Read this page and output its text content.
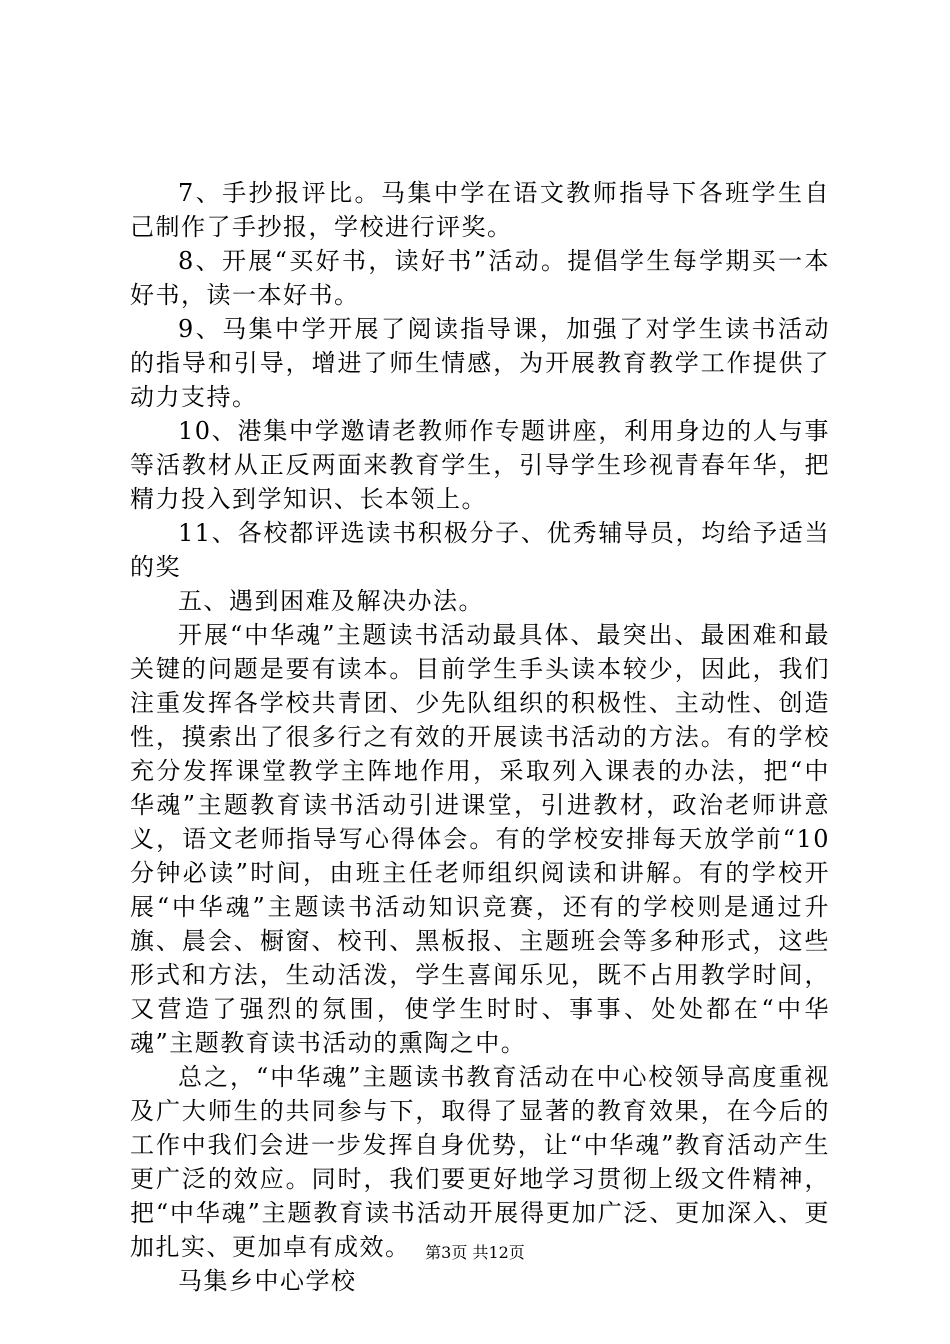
7、手抄报评比。马集中学在语文教师指导下各班学生自己制作了手抄报，学校进行评奖。

8、开展“买好书，读好书”活动。提倡学生每学期买一本好书，读一本好书。

9、马集中学开展了阅读指导课，加强了对学生读书活动的指导和引导，增进了师生情感，为开展教育教学工作提供了动力支持。

10、港集中学邀请老教师作专题讲座，利用身边的人与事等活教材从正反两面来教育学生，引导学生珍视青春年华，把精力投入到学知识、长本领上。

11、各校都评选读书积极分子、优秀辅导员，均给予适当的奖

五、遇到困难及解决办法。

开展“中华魂”主题读书活动最具体、最突出、最困难和最关键的问题是要有读本。目前学生手头读本较少，因此，我们注重发挥各学校共青团、少先队组织的积极性、主动性、创造性，摸索出了很多行之有效的开展读书活动的方法。有的学校充分发挥课堂教学主阵地作用，采取列入课表的办法，把“中华魂”主题教育读书活动引进课堂，引进教材，政治老师讲意义，语文老师指导写心得体会。有的学校安排每天放学前“10分钟必读”时间，由班主任老师组织阅读和讲解。有的学校开展“中华魂”主题读书活动知识竞赛，还有的学校则是通过升旗、晨会、橱窗、校刊、黑板报、主题班会等多种形式，这些形式和方法，生动活泼，学生喜闻乐见，既不占用教学时间，又营造了强烈的氛围，使学生时时、事事、处处都在“中华魂”主题教育读书活动的熏陶之中。

总之，“中华魂”主题读书教育活动在中心校领导高度重视及广大师生的共同参与下，取得了显著的教育效果，在今后的工作中我们会进一步发挥自身优势，让“中华魂”教育活动产生更广泛的效应。同时，我们要更好地学习贯彻上级文件精神，把“中华魂”主题教育读书活动开展得更加广泛、更加深入、更加扎实、更加卓有成效。

马集乡中心学校

第3页 共12页
